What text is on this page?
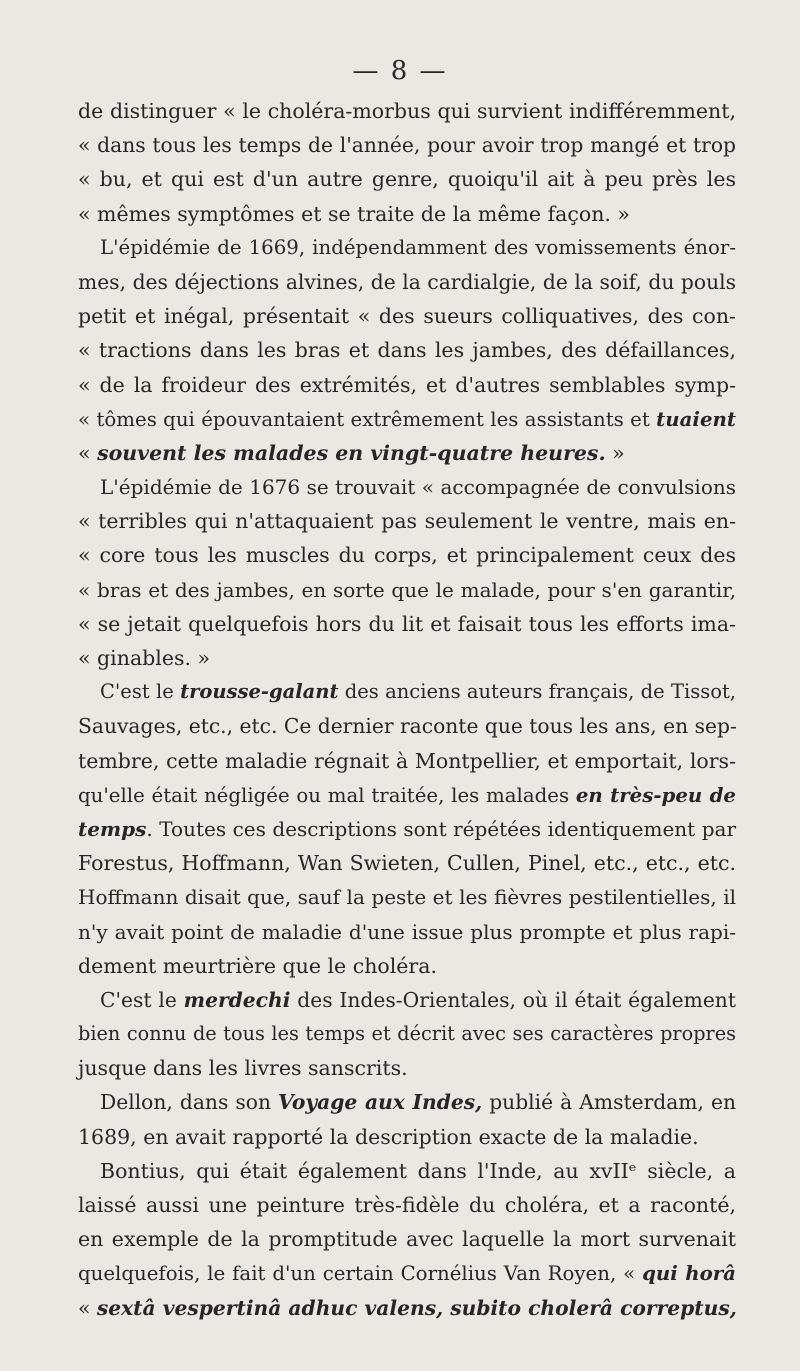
— 8 —
de distinguer « le choléra-morbus qui survient indifféremment,
« dans tous les temps de l'année, pour avoir trop mangé et trop
« bu, et qui est d'un autre genre, quoiqu'il ait à peu près les
« mêmes symptômes et se traite de la même façon. »
L'épidémie de 1669, indépendamment des vomissements énor-
mes, des déjections alvines, de la cardialgie, de la soif, du pouls
petit et inégal, présentait « des sueurs colliquatives, des con-
« tractions dans les bras et dans les jambes, des défaillances,
« de la froideur des extrémités, et d'autres semblables symp-
« tômes qui épouvantaient extrêmement les assistants et tuaient
« souvent les malades en vingt-quatre heures. »
L'épidémie de 1676 se trouvait « accompagnée de convulsions
« terribles qui n'attaquaient pas seulement le ventre, mais en-
« core tous les muscles du corps, et principalement ceux des
« bras et des jambes, en sorte que le malade, pour s'en garantir,
« se jetait quelquefois hors du lit et faisait tous les efforts ima-
« ginables. »
C'est le trousse-galant des anciens auteurs français, de Tissot,
Sauvages, etc., etc. Ce dernier raconte que tous les ans, en sep-
tembre, cette maladie régnait à Montpellier, et emportait, lors-
qu'elle était négligée ou mal traitée, les malades en très-peu de
temps. Toutes ces descriptions sont répétées identiquement par
Forestus, Hoffmann, Wan Swieten, Cullen, Pinel, etc., etc., etc.
Hoffmann disait que, sauf la peste et les fièvres pestilentielles, il
n'y avait point de maladie d'une issue plus prompte et plus rapi-
dement meurtrière que le choléra.
C'est le merdechi des Indes-Orientales, où il était également
bien connu de tous les temps et décrit avec ses caractères propres
jusque dans les livres sanscrits.
Dellon, dans son Voyage aux Indes, publié à Amsterdam, en
1689, en avait rapporté la description exacte de la maladie.
Bontius, qui était également dans l'Inde, au xvIIᵉ siècle, a
laissé aussi une peinture très-fidèle du choléra, et a raconté,
en exemple de la promptitude avec laquelle la mort survenait
quelquefois, le fait d'un certain Cornélius Van Royen, « qui horâ
« sextâ vespertinâ adhuc valens, subito cholerâ correptus,
